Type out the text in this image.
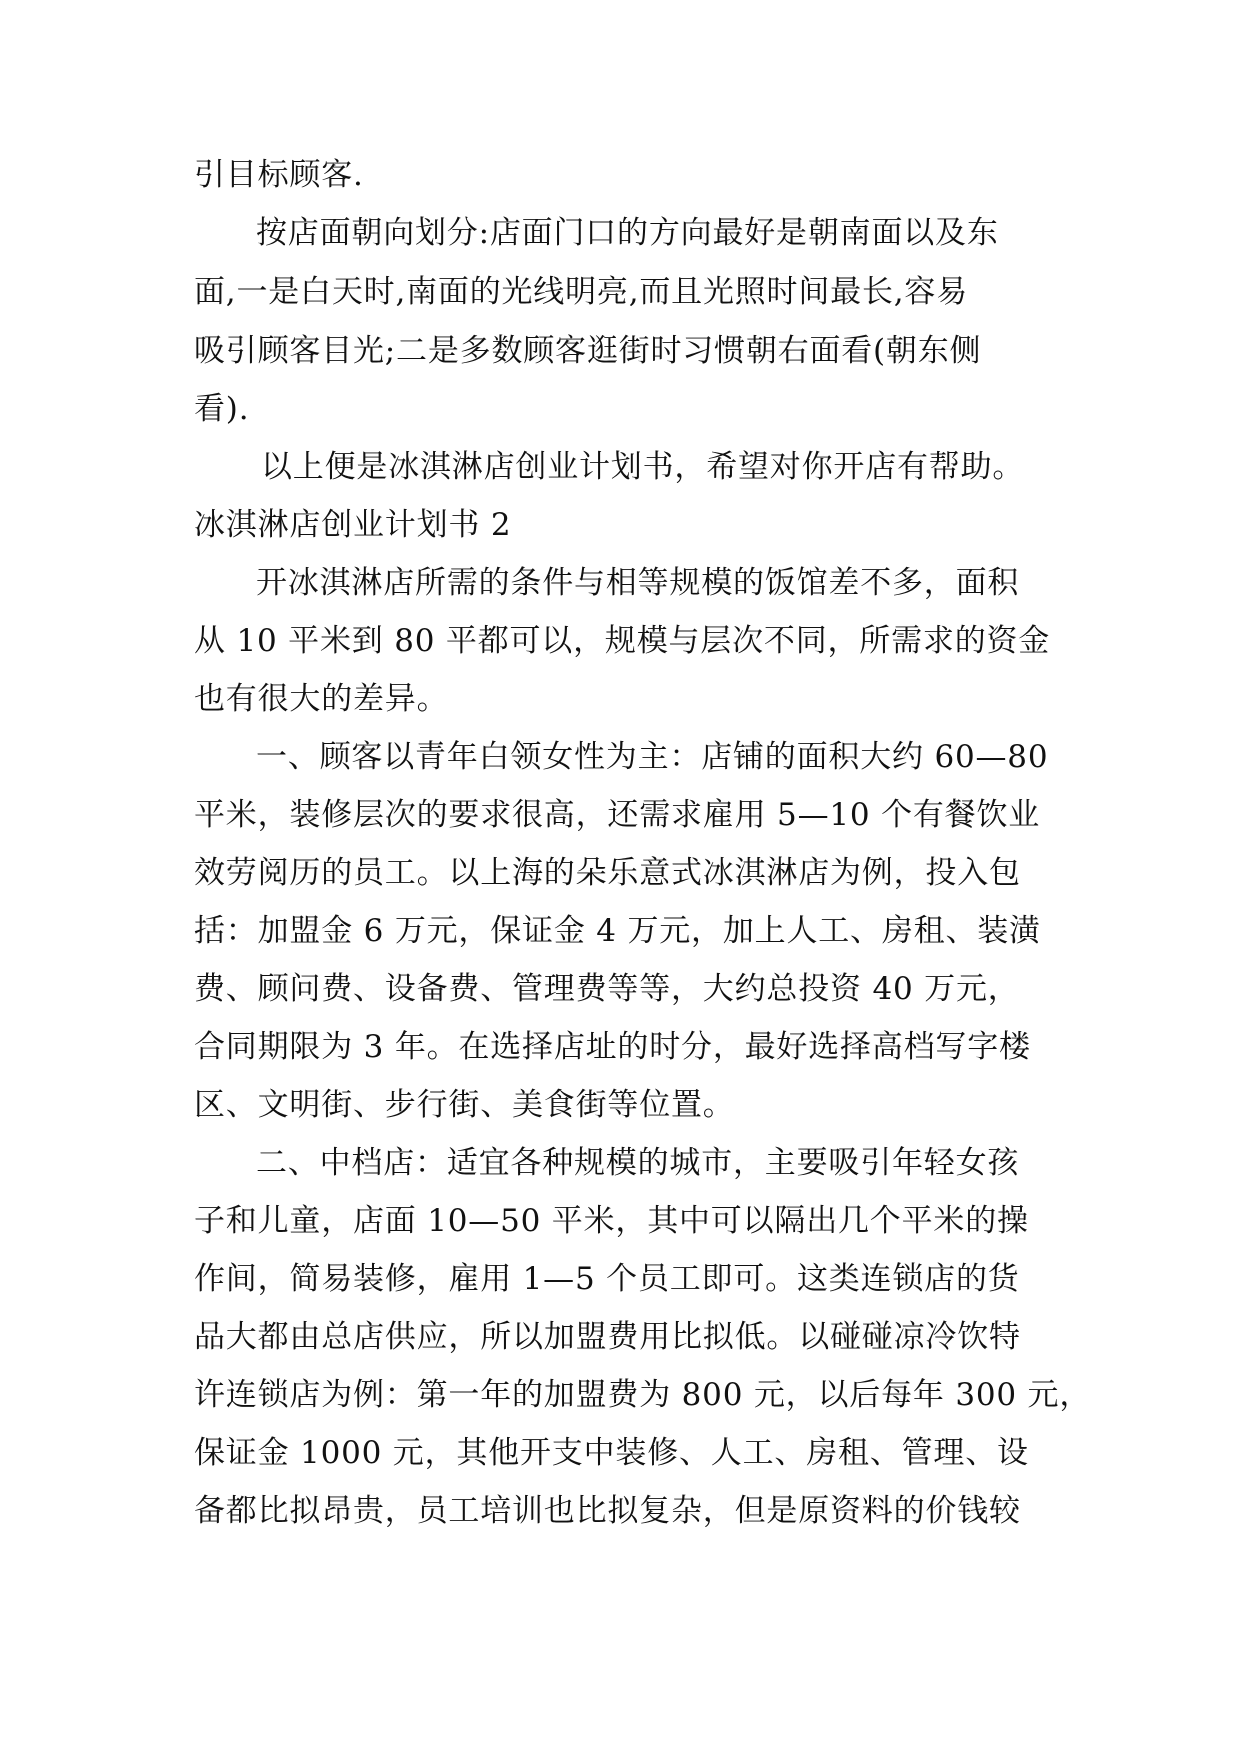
引目标顾客.
按店面朝向划分:店面门口的方向最好是朝南面以及东
面,一是白天时,南面的光线明亮,而且光照时间最长,容易
吸引顾客目光;二是多数顾客逛街时习惯朝右面看(朝东侧
看).
以上便是冰淇淋店创业计划书，希望对你开店有帮助。
冰淇淋店创业计划书 2
开冰淇淋店所需的条件与相等规模的饭馆差不多，面积
从 10 平米到 80 平都可以，规模与层次不同，所需求的资金
也有很大的差异。
一、顾客以青年白领女性为主：店铺的面积大约 60—80
平米，装修层次的要求很高，还需求雇用 5—10 个有餐饮业
效劳阅历的员工。以上海的朵乐意式冰淇淋店为例，投入包
括：加盟金 6 万元，保证金 4 万元，加上人工、房租、装潢
费、顾问费、设备费、管理费等等，大约总投资 40 万元，
合同期限为 3 年。在选择店址的时分，最好选择高档写字楼
区、文明街、步行街、美食街等位置。
二、中档店：适宜各种规模的城市，主要吸引年轻女孩
子和儿童，店面 10—50 平米，其中可以隔出几个平米的操
作间，简易装修，雇用 1—5 个员工即可。这类连锁店的货
品大都由总店供应，所以加盟费用比拟低。以碰碰凉冷饮特
许连锁店为例：第一年的加盟费为 800 元，以后每年 300 元，
保证金 1000 元，其他开支中装修、人工、房租、管理、设
备都比拟昂贵，员工培训也比拟复杂，但是原资料的价钱较
